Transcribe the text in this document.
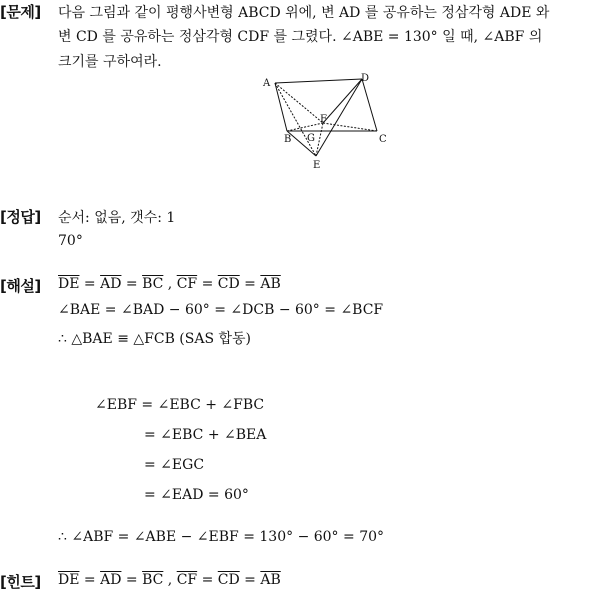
[문제] 다음 그림과 같이 평행사변형 ABCD 위에, 변 AD 를 공유하는 정삼각형 ADE 와
변 CD 를 공유하는 정삼각형 CDF 를 그렸다. ∠ABE = 130° 일 때, ∠ABF 의
크기를 구하여라.
A	D
F
G
B	C
E
[정답] 순서: 없음, 갯수: 1
70°
[해설] $\overline{DE} = \overline{AD} = \overline{BC}$ , $\overline{CF} = \overline{CD} = \overline{AB}$
∠BAE = ∠BAD − 60° = ∠DCB − 60° = ∠BCF
∴ △BAE ≡ △FCB (SAS 합동)
∠EBF = ∠EBC + ∠FBC
= ∠EBC + ∠BEA
= ∠EGC
= ∠EAD = 60°
∴ ∠ABF = ∠ABE − ∠EBF = 130° − 60° = 70°
[힌트] $\overline{DE} = \overline{AD} = \overline{BC}$ , $\overline{CF} = \overline{CD} = \overline{AB}$
